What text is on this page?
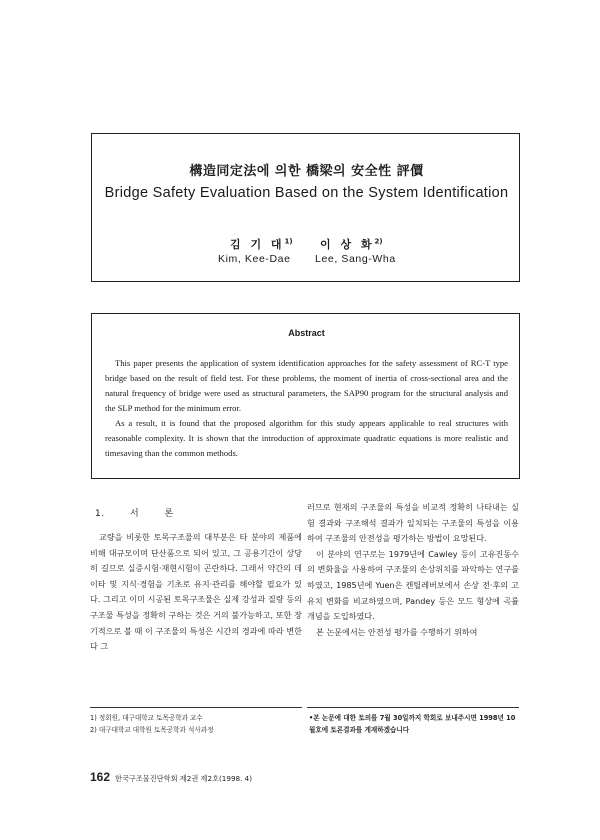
構造同定法에 의한 橋梁의 安全性 評價
Bridge Safety Evaluation Based on the System Identification
김 기 대$^{1)}$ 이 상 화$^{2)}$
Kim, Kee-Dae Lee, Sang-Wha
Abstract

This paper presents the application of system identification approaches for the safety assessment of RC-T type bridge based on the result of field test. For these problems, the moment of inertia of cross-sectional area and the natural frequency of bridge were used as structural parameters, the SAP90 program for the structural analysis and the SLP method for the minimum error.

As a result, it is found that the proposed algorithm for this study appears applicable to real structures with reasonable complexity. It is shown that the introduction of approximate quadratic equations is more realistic and timesaving than the common methods.

1.	서	론

교량을 비롯한 토목구조물의 대부분은 타 분야의 제품에 비해 대규모이며 단산품으로 되어 있고, 그 공용기간이 상당히 길므로 실증시험·재현시험이 곤란하다. 그래서 약간의 데이타 및 지식·경험을 기초로 유지·관리를 해야할 필요가 있다. 그리고 이미 시공된 토목구조물은 실제 강성과 질량 등의 구조물 특성을 정확히 구하는 것은 거의 불가능하고, 또한 장기적으로 볼 때 이 구조물의 특성은 시간의 경과에 따라 변한다 그

러므로 현재의 구조물의 특성을 비교적 정확히 나타내는 실험 결과와 구조해석 결과가 일치되는 구조물의 특성을 이용하여 구조물의 안전성을 평가하는 방법이 요망된다.

이 분야의 연구로는 1979년에 Cawley 등이 고유진동수의 변화율을 사용하여 구조물의 손상위치를 파악하는 연구를 하였고, 1985년에 Yuen은 캔틸레버보에서 손상 전·후의 고유치 변화를 비교하였으며, Pandey 등은 모드 형상에 곡률 개념을 도입하였다.

본 논문에서는 안전성 평가를 수행하기 위하여

1) 정회원, 대구대학교 토목공학과 교수
2) 대구대학교 대학원 토목공학과 석사과정
•본 논문에 대한 토의를 7월 30일까지 학회로 보내주시면 1998년 10월호에 토론결과를 게재하겠습니다
162 한국구조물진단학회 제2권 제2호(1998. 4)
